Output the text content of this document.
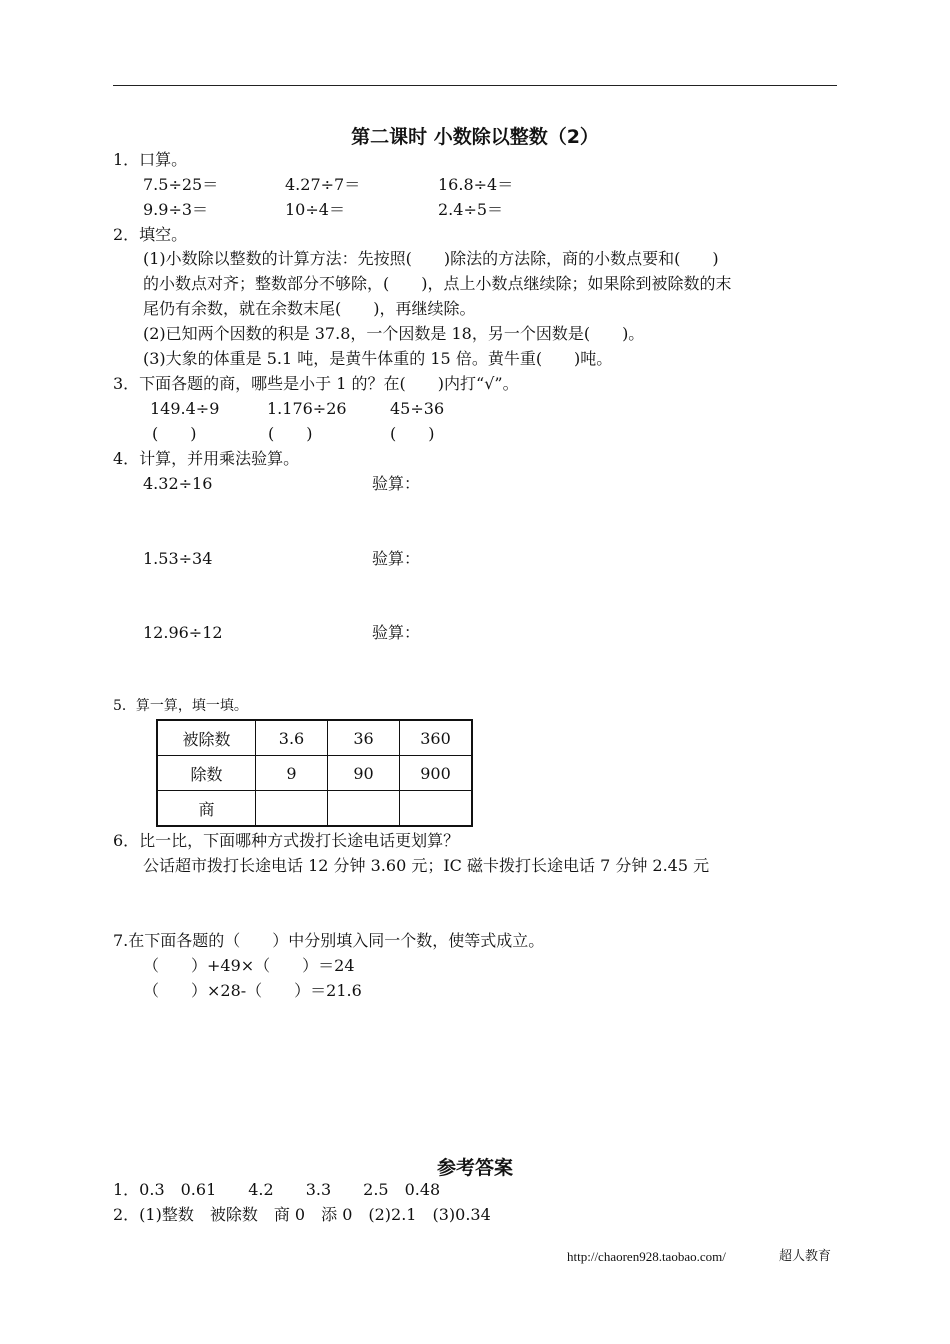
第二课时 小数除以整数（2）
1．口算。
7.5÷25＝	4.27÷7＝	16.8÷4＝
9.9÷3＝	10÷4＝	2.4÷5＝
2．填空。
(1)小数除以整数的计算方法：先按照(　　)除法的方法除，商的小数点要和(　　)
的小数点对齐；整数部分不够除，(　　)，点上小数点继续除；如果除到被除数的末
尾仍有余数，就在余数末尾(　　)，再继续除。
(2)已知两个因数的积是 37.8，一个因数是 18，另一个因数是(　　)。
(3)大象的体重是 5.1 吨，是黄牛体重的 15 倍。黄牛重(　　)吨。
3．下面各题的商，哪些是小于 1 的？在(　　)内打“√”。
149.4÷9	1.176÷26	45÷36
(　　)	(　　)	(　　)
4．计算，并用乘法验算。
4.32÷16	验算：
1.53÷34	验算：
12.96÷12	验算：
5．算一算，填一填。
被除数	3.6	36	360
除数	9	90	900
商			
6．比一比，下面哪种方式拨打长途电话更划算？
公话超市拨打长途电话 12 分钟 3.60 元；IC 磁卡拨打长途电话 7 分钟 2.45 元
7.在下面各题的（　　）中分别填入同一个数，使等式成立。
（　　）+49×（　　）＝24
（　　）×28-（　　）＝21.6
参考答案
1．0.3　0.61　　4.2　　3.3　　2.5　0.48
2．(1)整数　被除数　商 0　添 0　(2)2.1　(3)0.34
http://chaoren928.taobao.com/	超人教育
